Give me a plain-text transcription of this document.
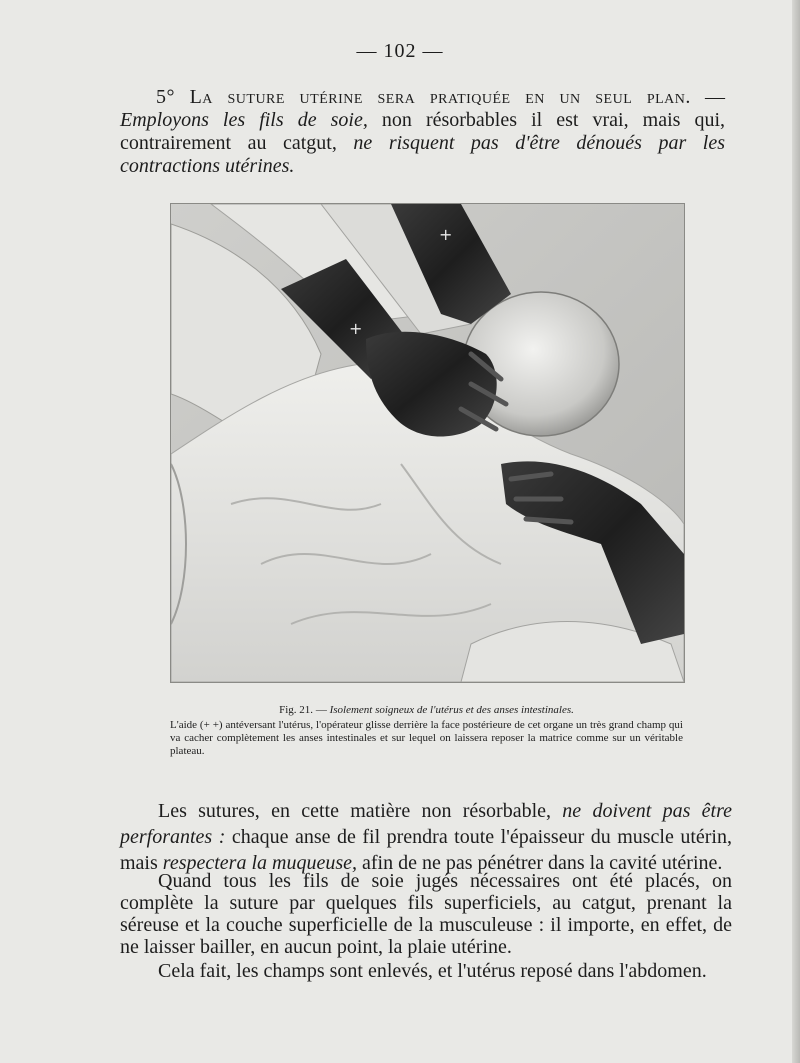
— 102 —

5° La suture utérine sera pratiquée en un seul plan. — Employons les fils de soie, non résorbables il est vrai, mais qui, contrairement au catgut, ne risquent pas d'être dénoués par les contractions utérines.

+
+

Fig. 21. — Isolement soigneux de l'utérus et des anses intestinales.

L'aide (+ +) antéversant l'utérus, l'opérateur glisse derrière la face postérieure de cet organe un très grand champ qui va cacher complètement les anses intestinales et sur lequel on laissera reposer la matrice comme sur un véritable plateau.

Les sutures, en cette matière non résorbable, ne doivent pas être perforantes : chaque anse de fil prendra toute l'épaisseur du muscle utérin, mais respectera la muqueuse, afin de ne pas pénétrer dans la cavité utérine.

Quand tous les fils de soie jugés nécessaires ont été placés, on complète la suture par quelques fils superficiels, au catgut, prenant la séreuse et la couche superficielle de la musculeuse : il importe, en effet, de ne laisser bailler, en aucun point, la plaie utérine.

Cela fait, les champs sont enlevés, et l'utérus reposé dans l'abdomen.
